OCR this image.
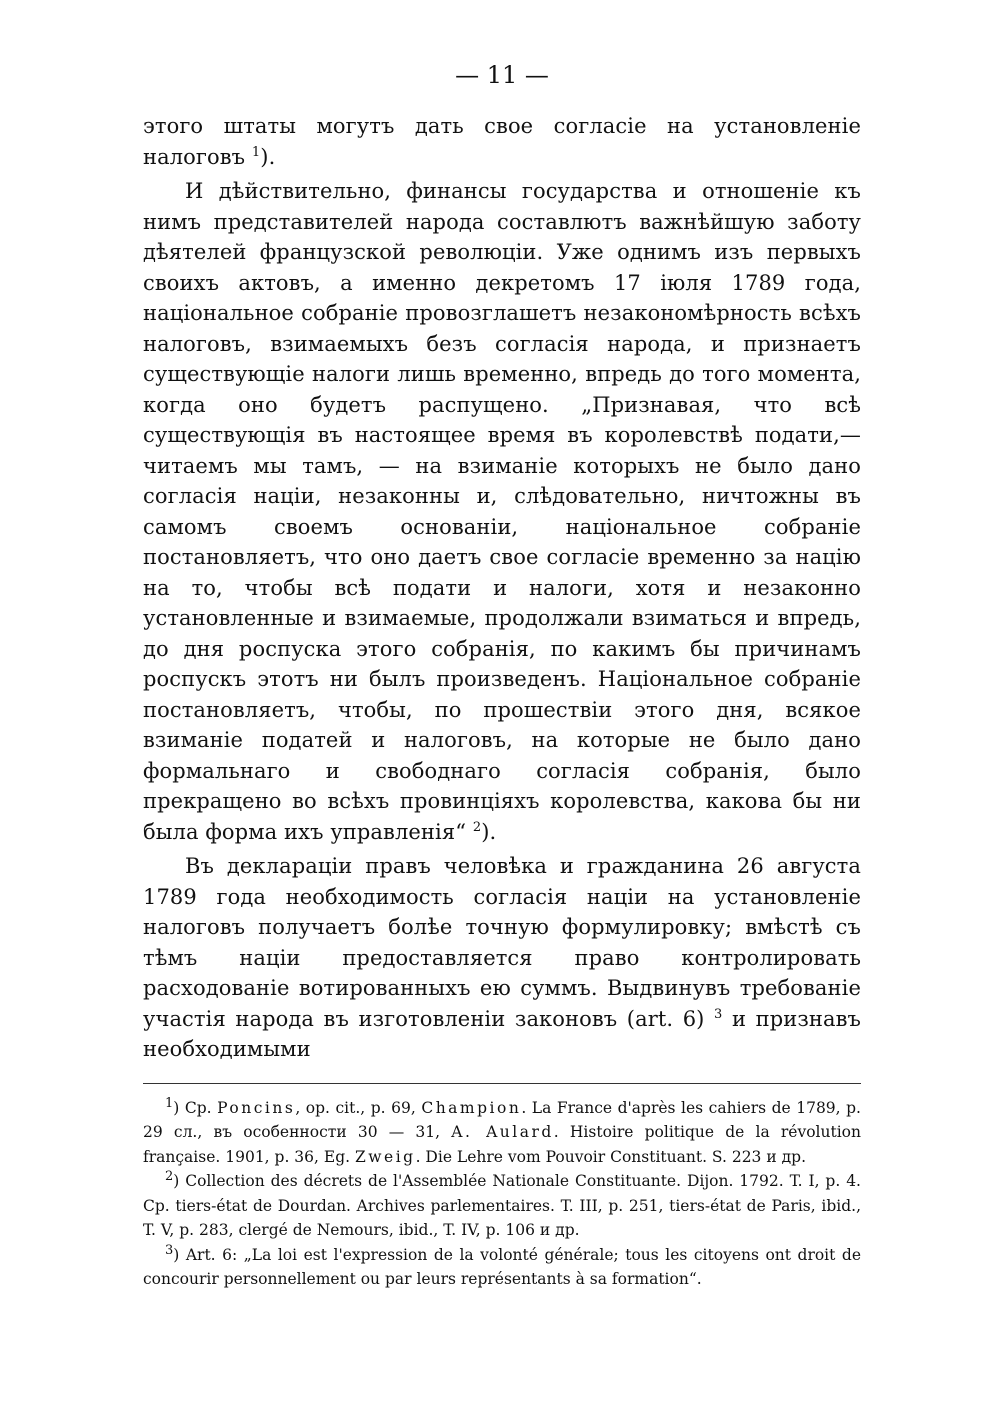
— 11 —

этого штаты могутъ дать свое согласіе на установленіе налоговъ $^1$).

И дѣйствительно, финансы государства и отношеніе къ нимъ представителей народа составлютъ важнѣйшую заботу дѣятелей французской революціи. Уже однимъ изъ первыхъ своихъ актовъ, а именно декретомъ 17 іюля 1789 года, національное собраніе провозглашетъ незакономѣрность всѣхъ налоговъ, взимаемыхъ безъ согласія народа, и признаетъ существующіе налоги лишь временно, впредь до того момента, когда оно будетъ распущено. „Признавая, что всѣ существующія въ настоящее время въ королевствѣ подати,— читаемъ мы тамъ, — на взиманіе которыхъ не было дано согласія націи, незаконны и, слѣдовательно, ничтожны въ самомъ своемъ основаніи, національное собраніе постановляетъ, что оно даетъ свое согласіе временно за націю на то, чтобы всѣ подати и налоги, хотя и незаконно установленные и взимаемые, продолжали взиматься и впредь, до дня роспуска этого собранія, по какимъ бы причинамъ роспускъ этотъ ни былъ произведенъ. Національное собраніе постановляетъ, чтобы, по прошествіи этого дня, всякое взиманіе податей и налоговъ, на которые не было дано формальнаго и свободнаго согласія собранія, было прекращено во всѣхъ провинціяхъ королевства, какова бы ни была форма ихъ управленія“ $^2$).

Въ деклараціи правъ человѣка и гражданина 26 августа 1789 года необходимость согласія націи на установленіе налоговъ получаетъ болѣе точную формулировку; вмѣстѣ съ тѣмъ націи предоставляется право контролировать расходованіе вотированныхъ ею суммъ. Выдвинувъ требованіе участія народа въ изготовленіи законовъ (art. 6) $^3$ и признавъ необходимыми

$^1$) Cp. Poncins, op. cit., p. 69, Champion. La France d'après les cahiers de 1789, p. 29 сл., въ особенности 30 — 31, A. Aulard. Histoire politique de la révolution française. 1901, p. 36, Eg. Zweig. Die Lehre vom Pouvoir Constituant. S. 223 и др.

$^2$) Collection des décrets de l'Assemblée Nationale Constituante. Dijon. 1792. T. I, p. 4. Cp. tiers-état de Dourdan. Archives parlementaires. T. III, p. 251, tiers-état de Paris, ibid., T. V, p. 283, clergé de Nemours, ibid., T. IV, p. 106 и др.

$^3$) Art. 6: „La loi est l'expression de la volonté générale; tous les citoyens ont droit de concourir personnellement ou par leurs représentants à sa formation“.
